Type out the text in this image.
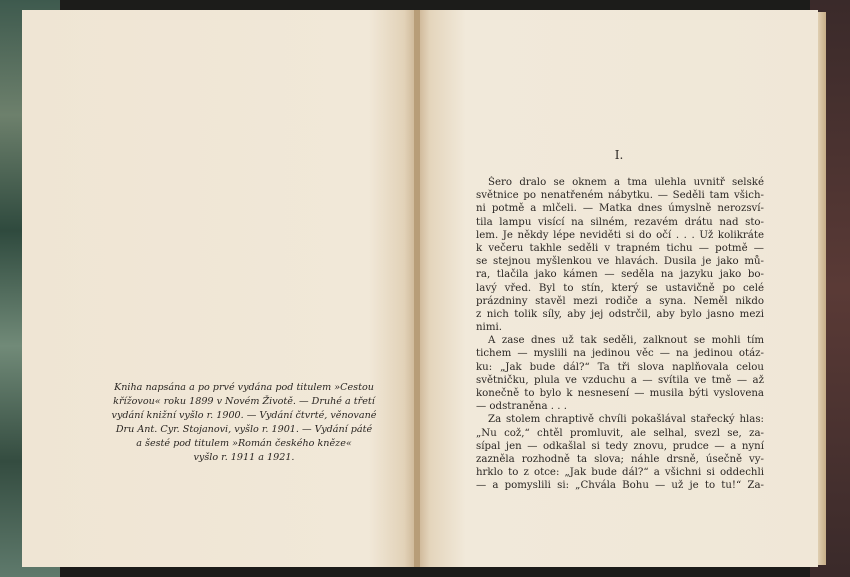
Kniha napsána a po prvé vydána pod titulem »Cestou
křížovou« roku 1899 v Novém Životě. — Druhé a třetí
vydání knižní vyšlo r. 1900. — Vydání čtvrté, věnované
Dru Ant. Cyr. Stojanovi, vyšlo r. 1901. — Vydání páté
a šesté pod titulem »Román českého kněze«
vyšlo r. 1911 a 1921.
I.
Šero dralo se oknem a tma ulehla uvnitř selské
světnice po nenatřeném nábytku. — Seděli tam všich-
ni potmě a mlčeli. — Matka dnes úmyslně nerozsví-
tila lampu visící na silném, rezavém drátu nad sto-
lem. Je někdy lépe neviděti si do očí . . . Už kolikráte
k večeru takhle seděli v trapném tichu — potmě —
se stejnou myšlenkou ve hlavách. Dusila je jako mů-
ra, tlačila jako kámen — seděla na jazyku jako bo-
lavý vřed. Byl to stín, který se ustavičně po celé
prázdniny stavěl mezi rodiče a syna. Neměl nikdo
z nich tolik síly, aby jej odstrčil, aby bylo jasno mezi
nimi.
A zase dnes už tak seděli, zalknout se mohli tím
tichem — myslili na jedinou věc — na jedinou otáz-
ku: „Jak bude dál?“ Ta tři slova naplňovala celou
světničku, plula ve vzduchu a — svítila ve tmě — až
konečně to bylo k nesnesení — musila býti vyslovena
— odstraněna . . .
Za stolem chraptivě chvíli pokašlával stařecký hlas:
„Nu což,“ chtěl promluvit, ale selhal, svezl se, za-
sípal jen — odkašlal si tedy znovu, prudce — a nyní
zazněla rozhodně ta slova; náhle drsně, úsečně vy-
hrklo to z otce: „Jak bude dál?“ a všichni si oddechli
— a pomyslili si: „Chvála Bohu — už je to tu!“ Za-
